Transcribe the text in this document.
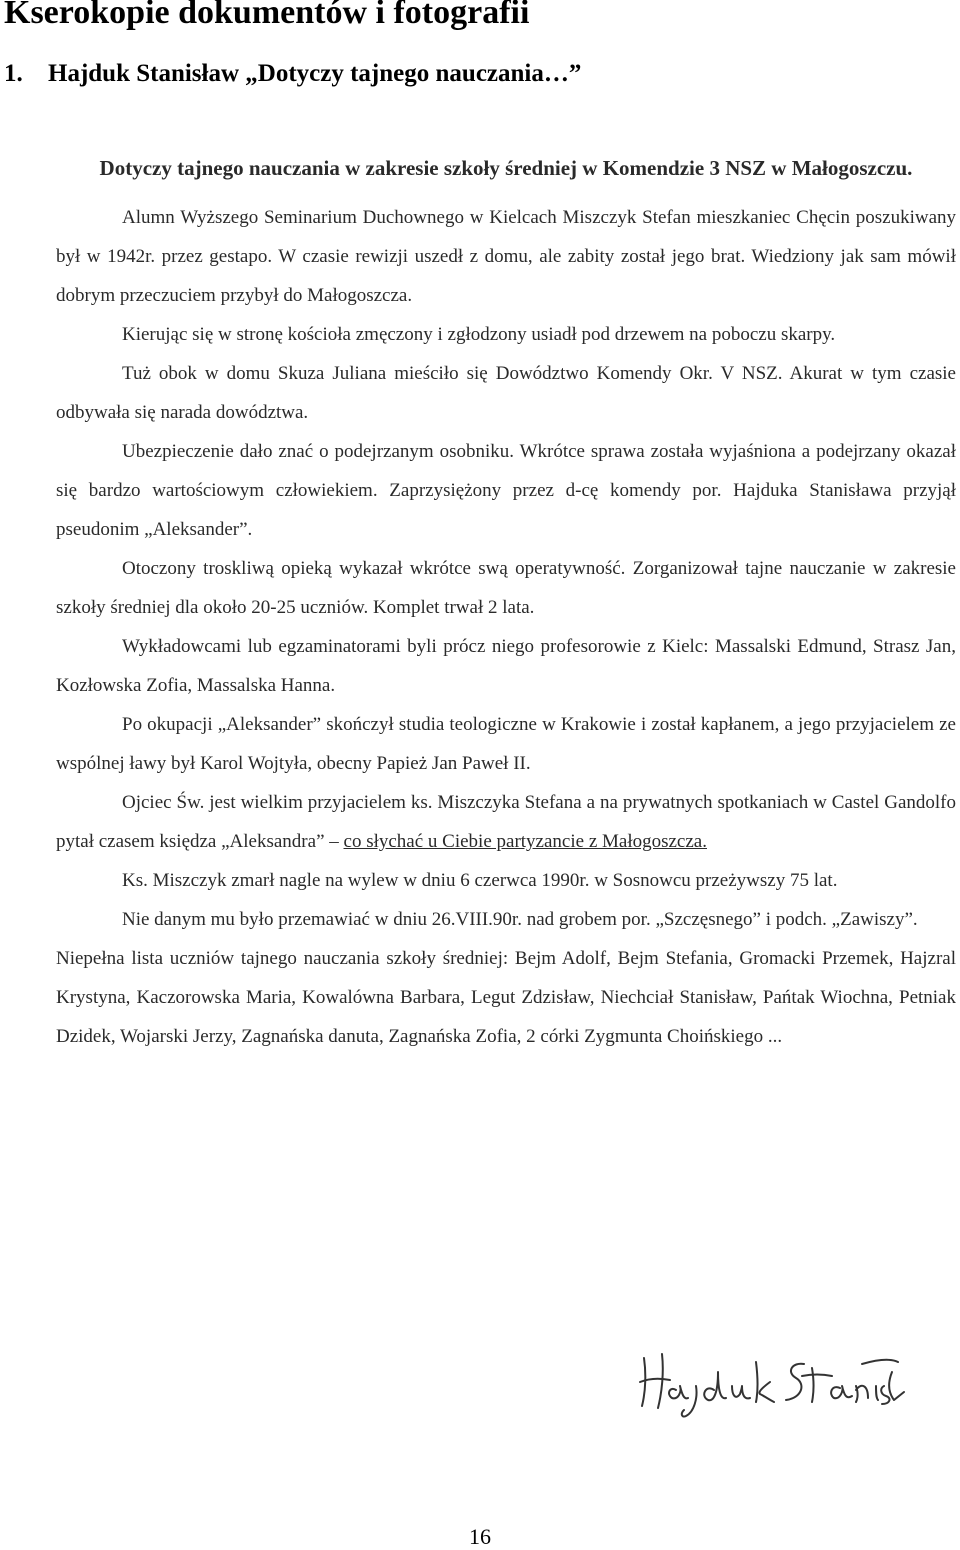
Kserokopie dokumentów i fotografii
1. Hajduk Stanisław „Dotyczy tajnego nauczania…”
Dotyczy tajnego nauczania w zakresie szkoły średniej w Komendzie 3 NSZ w Małogoszczu.

Alumn Wyższego Seminarium Duchownego w Kielcach Miszczyk Stefan mieszkaniec Chęcin poszukiwany był w 1942r. przez gestapo. W czasie rewizji uszedł z domu, ale zabity został jego brat. Wiedziony jak sam mówił dobrym przeczuciem przybył do Małogoszcza.

Kierując się w stronę kościoła zmęczony i zgłodzony usiadł pod drzewem na poboczu skarpy.

Tuż obok w domu Skuza Juliana mieściło się Dowództwo Komendy Okr. V NSZ. Akurat w tym czasie odbywała się narada dowództwa.

Ubezpieczenie dało znać o podejrzanym osobniku. Wkrótce sprawa została wyjaśniona a podejrzany okazał się bardzo wartościowym człowiekiem. Zaprzysiężony przez d-cę komendy por. Hajduka Stanisława przyjął pseudonim „Aleksander”.

Otoczony troskliwą opieką wykazał wkrótce swą operatywność. Zorganizował tajne nauczanie w zakresie szkoły średniej dla około 20-25 uczniów. Komplet trwał 2 lata.

Wykładowcami lub egzaminatorami byli prócz niego profesorowie z Kielc: Massalski Edmund, Strasz Jan, Kozłowska Zofia, Massalska Hanna.

Po okupacji „Aleksander” skończył studia teologiczne w Krakowie i został kapłanem, a jego przyjacielem ze wspólnej ławy był Karol Wojtyła, obecny Papież Jan Paweł II.

Ojciec Św. jest wielkim przyjacielem ks. Miszczyka Stefana a na prywatnych spotkaniach w Castel Gandolfo pytał czasem księdza „Aleksandra” – co słychać u Ciebie partyzancie z Małogoszcza.

Ks. Miszczyk zmarł nagle na wylew w dniu 6 czerwca 1990r. w Sosnowcu przeżywszy 75 lat.

Nie danym mu było przemawiać w dniu 26.VIII.90r. nad grobem por. „Szczęsnego” i podch. „Zawiszy”.

Niepełna lista uczniów tajnego nauczania szkoły średniej: Bejm Adolf, Bejm Stefania, Gromacki Przemek, Hajzral Krystyna, Kaczorowska Maria, Kowalówna Barbara, Legut Zdzisław, Niechciał Stanisław, Pańtak Wiochna, Petniak Dzidek, Wojarski Jerzy, Zagnańska danuta, Zagnańska Zofia, 2 córki Zygmunta Choińskiego ...

16
